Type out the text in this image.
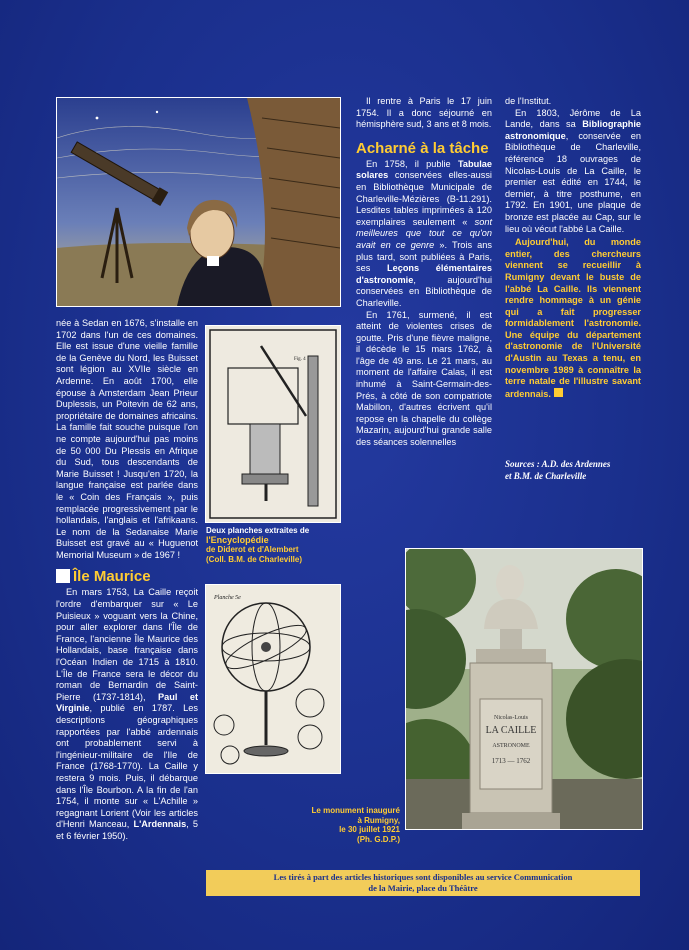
Fig. 4
Planche 5e
Nicolas-Louis
LA CAILLE
ASTRONOME
1713 — 1762

née à Sedan en 1676, s'installe en 1702 dans l'un de ces domaines. Elle est issue d'une vieille famille de la Genève du Nord, les Buisset sont légion au XVIIe siècle en Ardenne. En août 1700, elle épouse à Amsterdam Jean Prieur Duplessis, un Poitevin de 62 ans, propriétaire de domaines africains. La famille fait souche puisque l'on ne compte aujourd'hui pas moins de 50 000 Du Plessis en Afrique du Sud, tous descendants de Marie Buisset ! Jusqu'en 1720, la langue française est parlée dans le « Coin des Français », puis remplacée progressivement par le hollandais, l'anglais et l'afrikaans. Le nom de la Sedanaise Marie Buisset est gravé au « Huguenot Memorial Museum » de 1967 !

Île Maurice

En mars 1753, La Caille reçoit l'ordre d'embarquer sur « Le Puisieux » voguant vers la Chine, pour aller explorer dans l'Île de France, l'ancienne Île Maurice des Hollandais, base française dans l'Océan Indien de 1715 à 1810. L'Île de France sera le décor du roman de Bernardin de Saint-Pierre (1737-1814), Paul et Virginie, publié en 1787. Les descriptions géographiques rapportées par l'abbé ardennais ont probablement servi à l'ingénieur-militaire de l'Ile de France (1768-1770). La Caille y restera 9 mois. Puis, il débarque dans l'Île Bourbon. A la fin de l'an 1754, il monte sur « L'Achille » regagnant Lorient (Voir les articles d'Henri Manceau, L'Ardennais, 5 et 6 février 1950).

Il rentre à Paris le 17 juin 1754. Il a donc séjourné en hémisphère sud, 3 ans et 8 mois.

Acharné à la tâche

En 1758, il publie Tabulae solares conservées elles-aussi en Bibliothèque Municipale de Charleville-Mézières (B-11.291). Lesdites tables imprimées à 120 exemplaires seulement « sont meilleures que tout ce qu'on avait en ce genre ». Trois ans plus tard, sont publiées à Paris, ses Leçons élémentaires d'astronomie, aujourd'hui conservées en Bibliothèque de Charleville.

En 1761, surmené, il est atteint de violentes crises de goutte. Pris d'une fièvre maligne, il décède le 15 mars 1762, à l'âge de 49 ans. Le 21 mars, au moment de l'affaire Calas, il est inhumé à Saint-Germain-des-Prés, à côté de son compatriote Mabillon, d'autres écrivent qu'il repose en la chapelle du collège Mazarin, aujourd'hui grande salle des séances solennelles

de l'Institut.

En 1803, Jérôme de La Lande, dans sa Bibliographie astronomique, conservée en Bibliothèque de Charleville, référence 18 ouvrages de Nicolas-Louis de La Caille, le premier est édité en 1744, le dernier, à titre posthume, en 1792. En 1901, une plaque de bronze est placée au Cap, sur le lieu où vécut l'abbé La Caille.

Aujourd'hui, du monde entier, des chercheurs viennent se recueillir à Rumigny devant le buste de l'abbé La Caille. Ils viennent rendre hommage à un génie qui a fait progresser formidablement l'astronomie. Une équipe du département d'astronomie de l'Université d'Austin au Texas a tenu, en novembre 1989 à connaître la terre natale de l'illustre savant ardennais.

Sources : A.D. des Ardennes
et B.M. de Charleville
Deux planches extraites de
l'Encyclopédie
de Diderot et d'Alembert
(Coll. B.M. de Charleville)
Le monument inauguré
à Rumigny,
le 30 juillet 1921
(Ph. G.D.P.)
Les tirés à part des articles historiques sont disponibles au service Communication
de la Mairie, place du Théâtre
